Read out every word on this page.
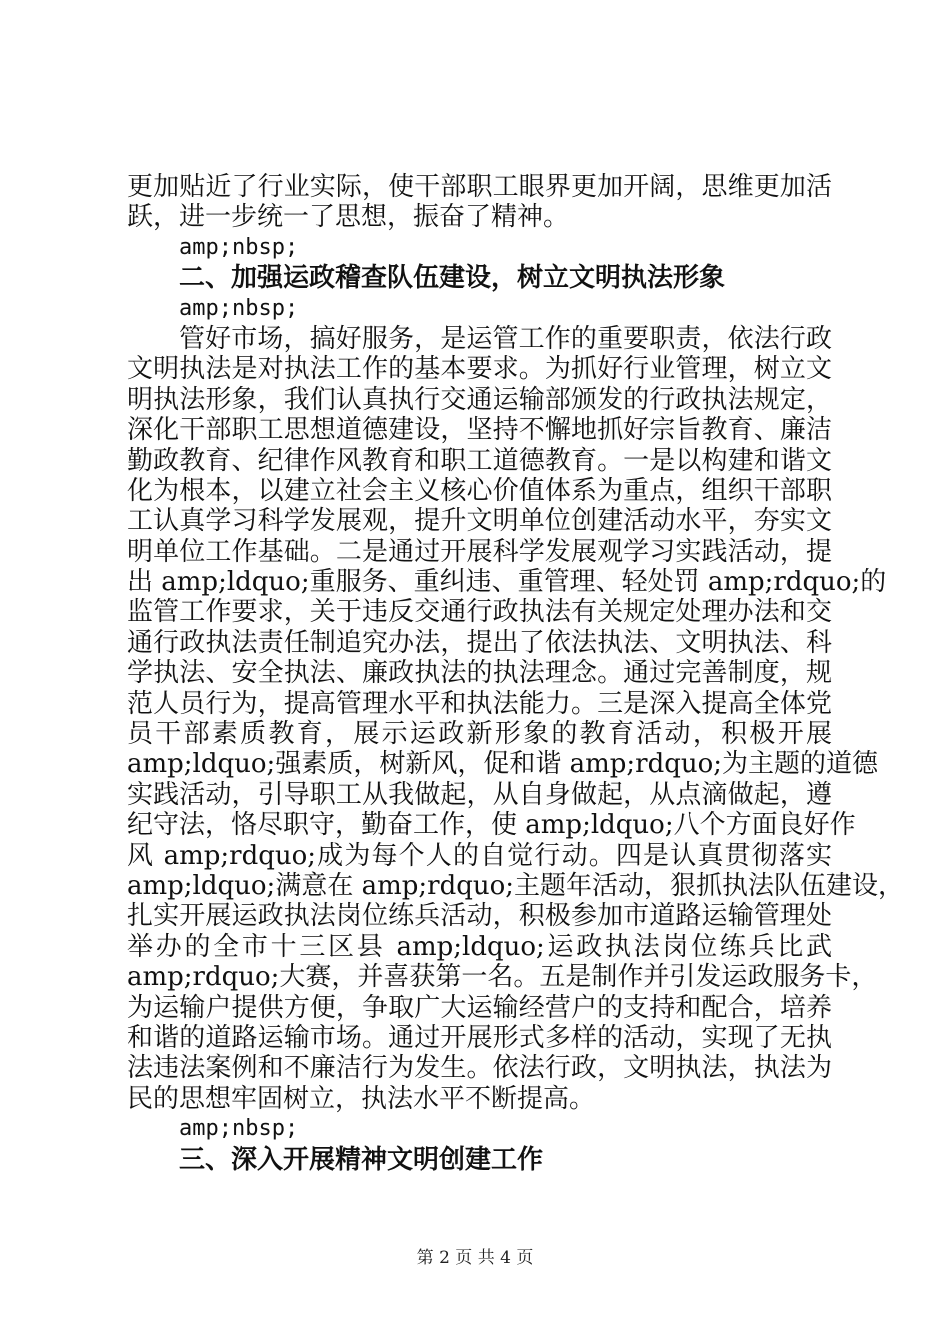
更加贴近了行业实际，使干部职工眼界更加开阔，思维更加活
跃，进一步统一了思想，振奋了精神。
amp;nbsp;
二、加强运政稽查队伍建设，树立文明执法形象
amp;nbsp;
管好市场，搞好服务，是运管工作的重要职责，依法行政
文明执法是对执法工作的基本要求。为抓好行业管理，树立文
明执法形象，我们认真执行交通运输部颁发的行政执法规定，
深化干部职工思想道德建设，坚持不懈地抓好宗旨教育、廉洁
勤政教育、纪律作风教育和职工道德教育。一是以构建和谐文
化为根本，以建立社会主义核心价值体系为重点，组织干部职
工认真学习科学发展观，提升文明单位创建活动水平，夯实文
明单位工作基础。二是通过开展科学发展观学习实践活动，提
出 amp;ldquo;重服务、重纠违、重管理、轻处罚 amp;rdquo;的
监管工作要求，关于违反交通行政执法有关规定处理办法和交
通行政执法责任制追究办法，提出了依法执法、文明执法、科
学执法、安全执法、廉政执法的执法理念。通过完善制度，规
范人员行为，提高管理水平和执法能力。三是深入提高全体党
员干部素质教育，展示运政新形象的教育活动，积极开展
amp;ldquo;强素质，树新风，促和谐 amp;rdquo;为主题的道德
实践活动，引导职工从我做起，从自身做起，从点滴做起，遵
纪守法，恪尽职守，勤奋工作，使 amp;ldquo;八个方面良好作
风 amp;rdquo;成为每个人的自觉行动。四是认真贯彻落实
amp;ldquo;满意在 amp;rdquo;主题年活动，狠抓执法队伍建设，
扎实开展运政执法岗位练兵活动，积极参加市道路运输管理处
举办的全市十三区县 amp;ldquo;运政执法岗位练兵比武
amp;rdquo;大赛，并喜获第一名。五是制作并引发运政服务卡，
为运输户提供方便，争取广大运输经营户的支持和配合，培养
和谐的道路运输市场。通过开展形式多样的活动，实现了无执
法违法案例和不廉洁行为发生。依法行政，文明执法，执法为
民的思想牢固树立，执法水平不断提高。
amp;nbsp;
三、深入开展精神文明创建工作
第 2 页 共 4 页
